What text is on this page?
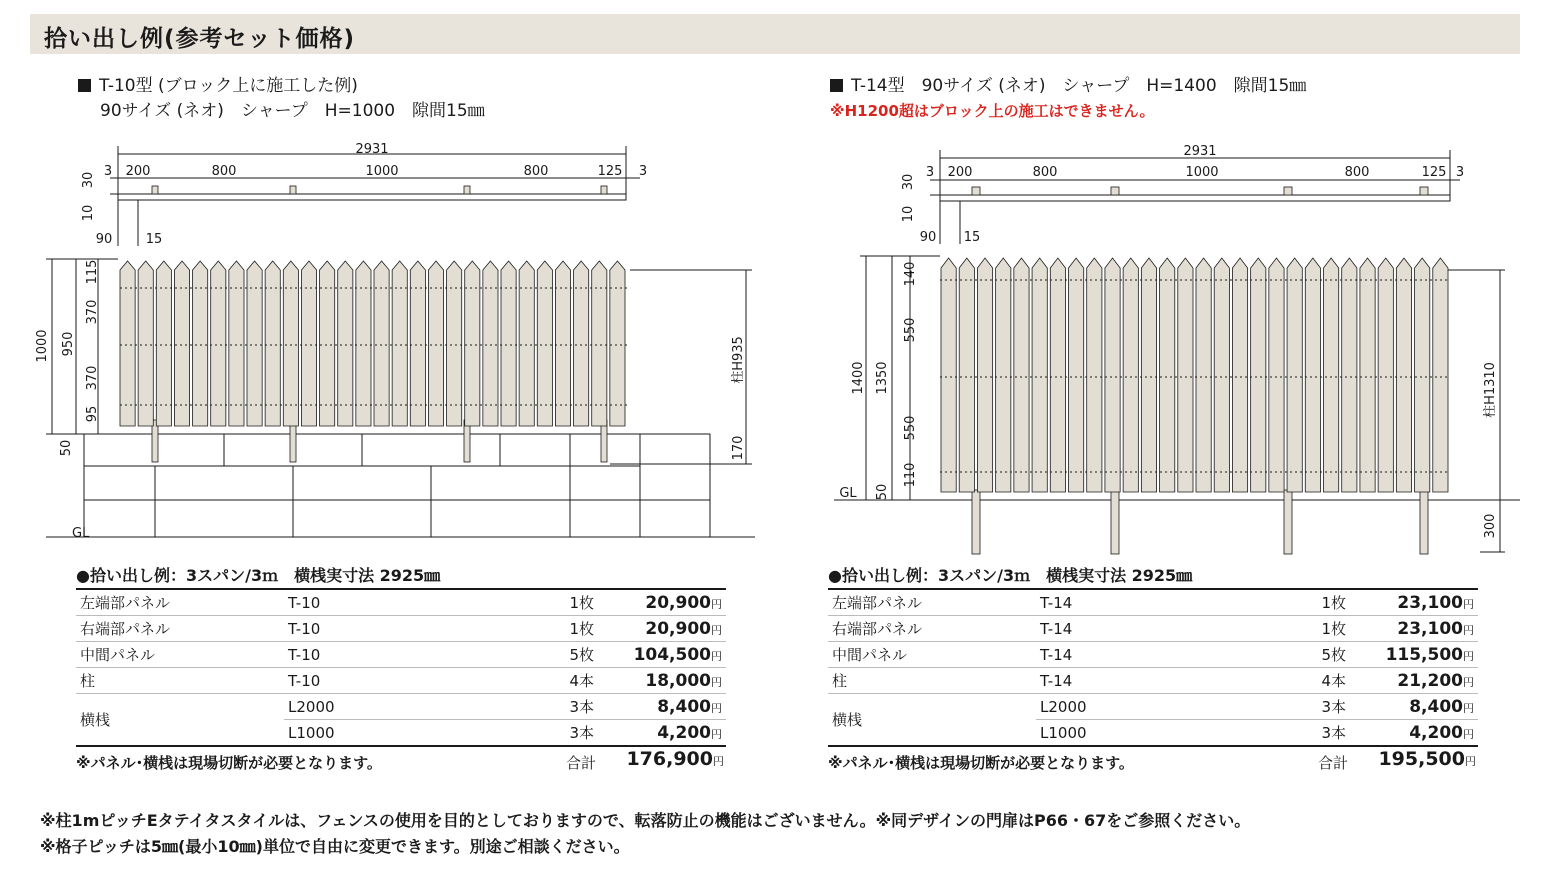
拾い出し例(参考セット価格)
T-10型 (ブロック上に施工した例)
90サイズ (ネオ)　シャープ　H=1000　隙間15㎜
T-14型　90サイズ (ネオ)　シャープ　H=1400　隙間15㎜
※H1200超はブロック上の施工はできません。
2931
3 200	800	1000	800	125 3
90	15
GL
30
10
115
370
370
95
950
1000
50	170
柱H935
2931
3 200	800	1000	800	125 3
90 15
GL
30
10
140
550
550
110
1350
1400
50
300
柱H1310
●拾い出し例：3スパン/3ｍ　横桟実寸法 2925㎜
左端部パネル	T-10	1枚	20,900円
右端部パネル	T-10	1枚	20,900円
中間パネル	T-10	5枚	104,500円
柱	T-10	4本	18,000円
横桟	L2000	3本	8,400円
	L1000	3本	4,200円
※パネル･横桟は現場切断が必要となります。	合計 176,900円
●拾い出し例：3スパン/3ｍ　横桟実寸法 2925㎜
左端部パネル	T-14	1枚	23,100円
右端部パネル	T-14	1枚	23,100円
中間パネル	T-14	5枚	115,500円
柱	T-14	4本	21,200円
横桟	L2000	3本	8,400円
	L1000	3本	4,200円
※パネル･横桟は現場切断が必要となります。	合計 195,500円
※柱1mピッチEタテイタスタイルは、フェンスの使用を目的としておりますので、転落防止の機能はございません。※同デザインの門扉はP66・67をご参照ください。
※格子ピッチは5㎜(最小10㎜)単位で自由に変更できます。別途ご相談ください。
